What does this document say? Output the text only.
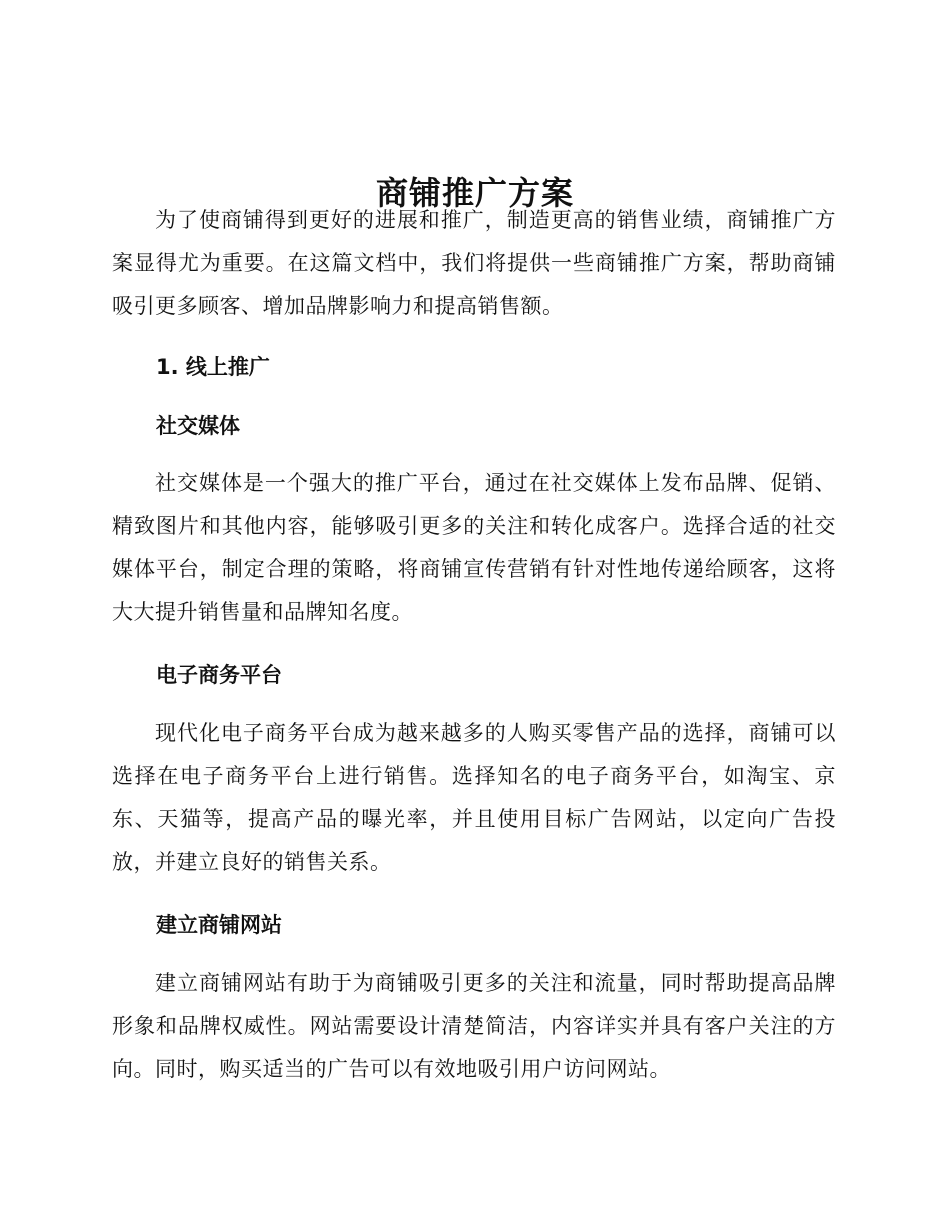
商铺推广方案

为了使商铺得到更好的进展和推广，制造更高的销售业绩，商铺推广方案显得尤为重要。在这篇文档中，我们将提供一些商铺推广方案，帮助商铺吸引更多顾客、增加品牌影响力和提高销售额。

1. 线上推广
社交媒体

社交媒体是一个强大的推广平台，通过在社交媒体上发布品牌、促销、精致图片和其他内容，能够吸引更多的关注和转化成客户。选择合适的社交媒体平台，制定合理的策略，将商铺宣传营销有针对性地传递给顾客，这将大大提升销售量和品牌知名度。

电子商务平台

现代化电子商务平台成为越来越多的人购买零售产品的选择，商铺可以选择在电子商务平台上进行销售。选择知名的电子商务平台，如淘宝、京东、天猫等，提高产品的曝光率，并且使用目标广告网站，以定向广告投放，并建立良好的销售关系。

建立商铺网站

建立商铺网站有助于为商铺吸引更多的关注和流量，同时帮助提高品牌形象和品牌权威性。网站需要设计清楚简洁，内容详实并具有客户关注的方向。同时，购买适当的广告可以有效地吸引用户访问网站。
